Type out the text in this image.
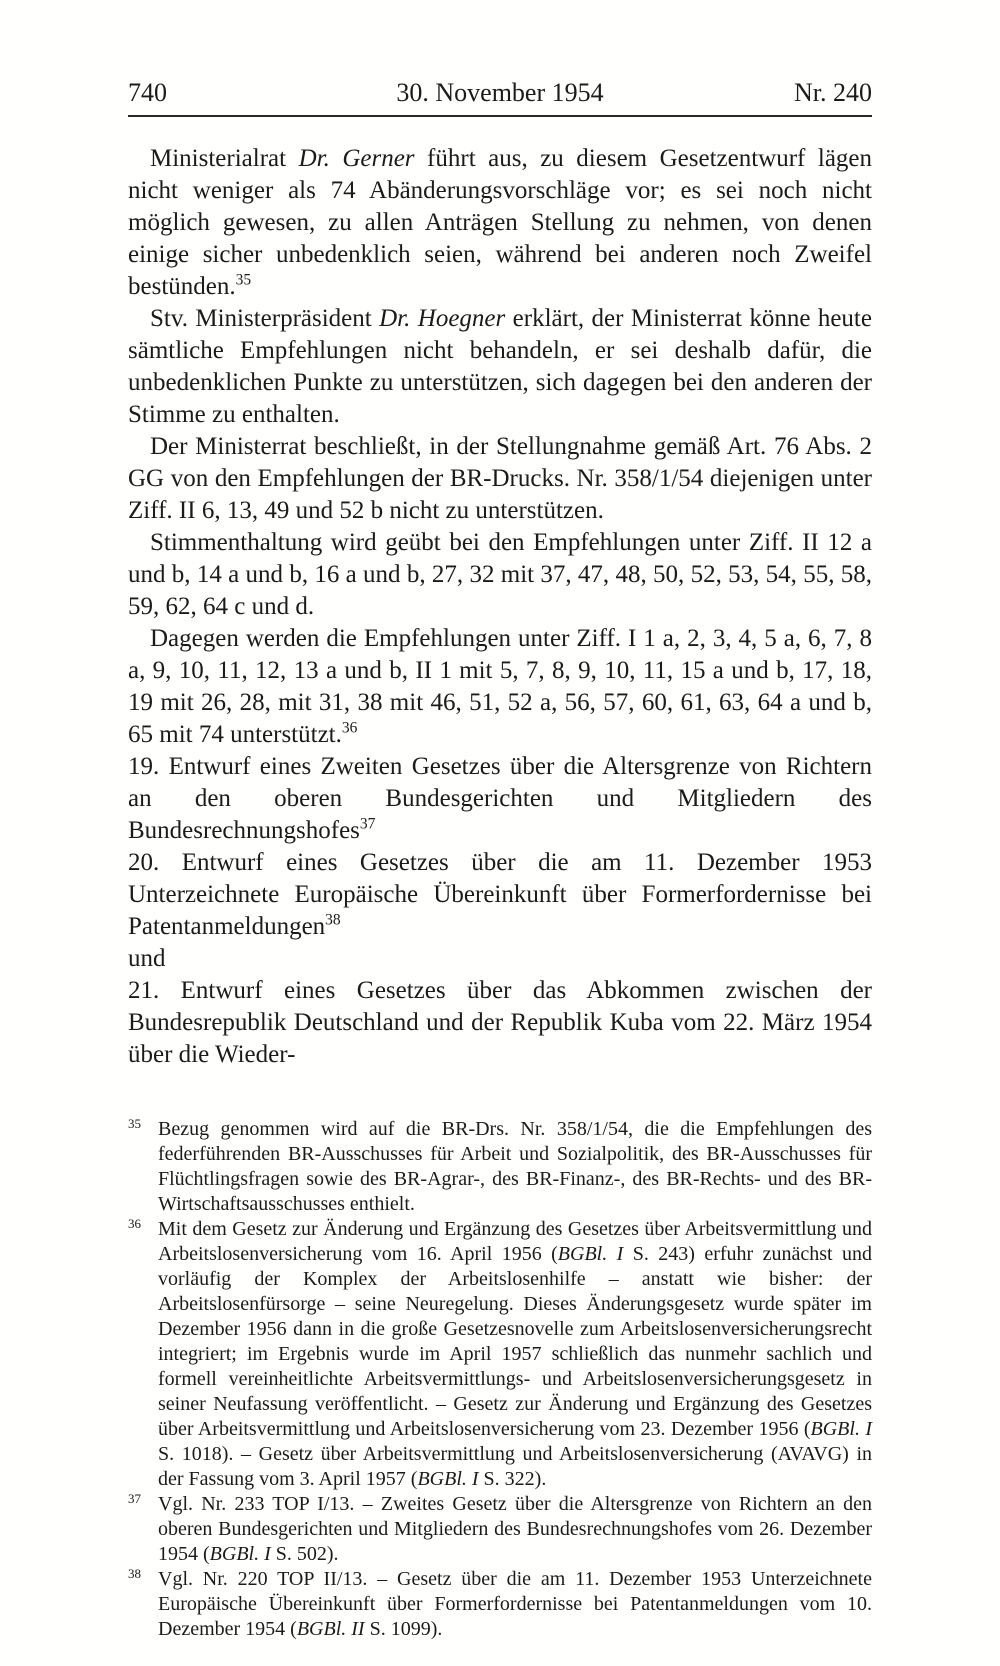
740	30. November 1954	Nr. 240

Ministerialrat Dr. Gerner führt aus, zu diesem Gesetzentwurf lägen nicht weniger als 74 Abänderungsvorschläge vor; es sei noch nicht möglich gewesen, zu allen Anträgen Stellung zu nehmen, von denen einige sicher unbedenklich seien, während bei anderen noch Zweifel bestünden.$^{35}$

Stv. Ministerpräsident Dr. Hoegner erklärt, der Ministerrat könne heute sämtliche Empfehlungen nicht behandeln, er sei deshalb dafür, die unbedenklichen Punkte zu unterstützen, sich dagegen bei den anderen der Stimme zu enthalten.

Der Ministerrat beschließt, in der Stellungnahme gemäß Art. 76 Abs. 2 GG von den Empfehlungen der BR-Drucks. Nr. 358/1/54 diejenigen unter Ziff. II 6, 13, 49 und 52 b nicht zu unterstützen.

Stimmenthaltung wird geübt bei den Empfehlungen unter Ziff. II 12 a und b, 14 a und b, 16 a und b, 27, 32 mit 37, 47, 48, 50, 52, 53, 54, 55, 58, 59, 62, 64 c und d.

Dagegen werden die Empfehlungen unter Ziff. I 1 a, 2, 3, 4, 5 a, 6, 7, 8 a, 9, 10, 11, 12, 13 a und b, II 1 mit 5, 7, 8, 9, 10, 11, 15 a und b, 17, 18, 19 mit 26, 28, mit 31, 38 mit 46, 51, 52 a, 56, 57, 60, 61, 63, 64 a und b, 65 mit 74 unterstützt.$^{36}$

19. Entwurf eines Zweiten Gesetzes über die Altersgrenze von Richtern an den oberen Bundesgerichten und Mitgliedern des Bundesrechnungshofes$^{37}$

20. Entwurf eines Gesetzes über die am 11. Dezember 1953 Unterzeichnete Europäische Übereinkunft über Formerfordernisse bei Patentanmeldungen$^{38}$

und

21. Entwurf eines Gesetzes über das Abkommen zwischen der Bundesrepublik Deutschland und der Republik Kuba vom 22. März 1954 über die Wieder-

35 Bezug genommen wird auf die BR-Drs. Nr. 358/1/54, die die Empfehlungen des federführenden BR-Ausschusses für Arbeit und Sozialpolitik, des BR-Ausschusses für Flüchtlingsfragen sowie des BR-Agrar-, des BR-Finanz-, des BR-Rechts- und des BR-Wirtschaftsausschusses enthielt.

36 Mit dem Gesetz zur Änderung und Ergänzung des Gesetzes über Arbeitsvermittlung und Arbeitslosenversicherung vom 16. April 1956 (BGBl. I S. 243) erfuhr zunächst und vorläufig der Komplex der Arbeitslosenhilfe – anstatt wie bisher: der Arbeitslosenfürsorge – seine Neuregelung. Dieses Änderungsgesetz wurde später im Dezember 1956 dann in die große Gesetzesnovelle zum Arbeitslosenversicherungsrecht integriert; im Ergebnis wurde im April 1957 schließlich das nunmehr sachlich und formell vereinheitlichte Arbeitsvermittlungs- und Arbeitslosenversicherungsgesetz in seiner Neufassung veröffentlicht. – Gesetz zur Änderung und Ergänzung des Gesetzes über Arbeitsvermittlung und Arbeitslosenversicherung vom 23. Dezember 1956 (BGBl. I S. 1018). – Gesetz über Arbeitsvermittlung und Arbeitslosenversicherung (AVAVG) in der Fassung vom 3. April 1957 (BGBl. I S. 322).

37 Vgl. Nr. 233 TOP I/13. – Zweites Gesetz über die Altersgrenze von Richtern an den oberen Bundesgerichten und Mitgliedern des Bundesrechnungshofes vom 26. Dezember 1954 (BGBl. I S. 502).

38 Vgl. Nr. 220 TOP II/13. – Gesetz über die am 11. Dezember 1953 Unterzeichnete Europäische Übereinkunft über Formerfordernisse bei Patentanmeldungen vom 10. Dezember 1954 (BGBl. II S. 1099).
